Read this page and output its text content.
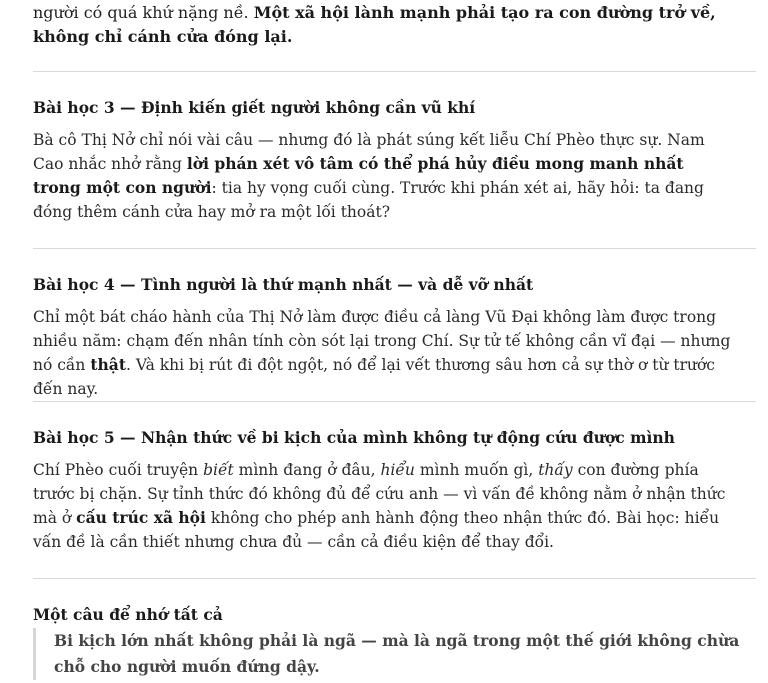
người có quá khứ nặng nề. Một xã hội lành mạnh phải tạo ra con đường trở về, không chỉ cánh cửa đóng lại.

Bài học 3 — Định kiến giết người không cần vũ khí

Bà cô Thị Nở chỉ nói vài câu — nhưng đó là phát súng kết liễu Chí Phèo thực sự. Nam Cao nhắc nhở rằng lời phán xét vô tâm có thể phá hủy điều mong manh nhất trong một con người: tia hy vọng cuối cùng. Trước khi phán xét ai, hãy hỏi: ta đang đóng thêm cánh cửa hay mở ra một lối thoát?

Bài học 4 — Tình người là thứ mạnh nhất — và dễ vỡ nhất

Chỉ một bát cháo hành của Thị Nở làm được điều cả làng Vũ Đại không làm được trong nhiều năm: chạm đến nhân tính còn sót lại trong Chí. Sự tử tế không cần vĩ đại — nhưng nó cần thật. Và khi bị rút đi đột ngột, nó để lại vết thương sâu hơn cả sự thờ ơ từ trước đến nay.

Bài học 5 — Nhận thức về bi kịch của mình không tự động cứu được mình

Chí Phèo cuối truyện biết mình đang ở đâu, hiểu mình muốn gì, thấy con đường phía trước bị chặn. Sự tỉnh thức đó không đủ để cứu anh — vì vấn đề không nằm ở nhận thức mà ở cấu trúc xã hội không cho phép anh hành động theo nhận thức đó. Bài học: hiểu vấn đề là cần thiết nhưng chưa đủ — cần cả điều kiện để thay đổi.

Một câu để nhớ tất cả
Bi kịch lớn nhất không phải là ngã — mà là ngã trong một thế giới không chừa chỗ cho người muốn đứng dậy.
